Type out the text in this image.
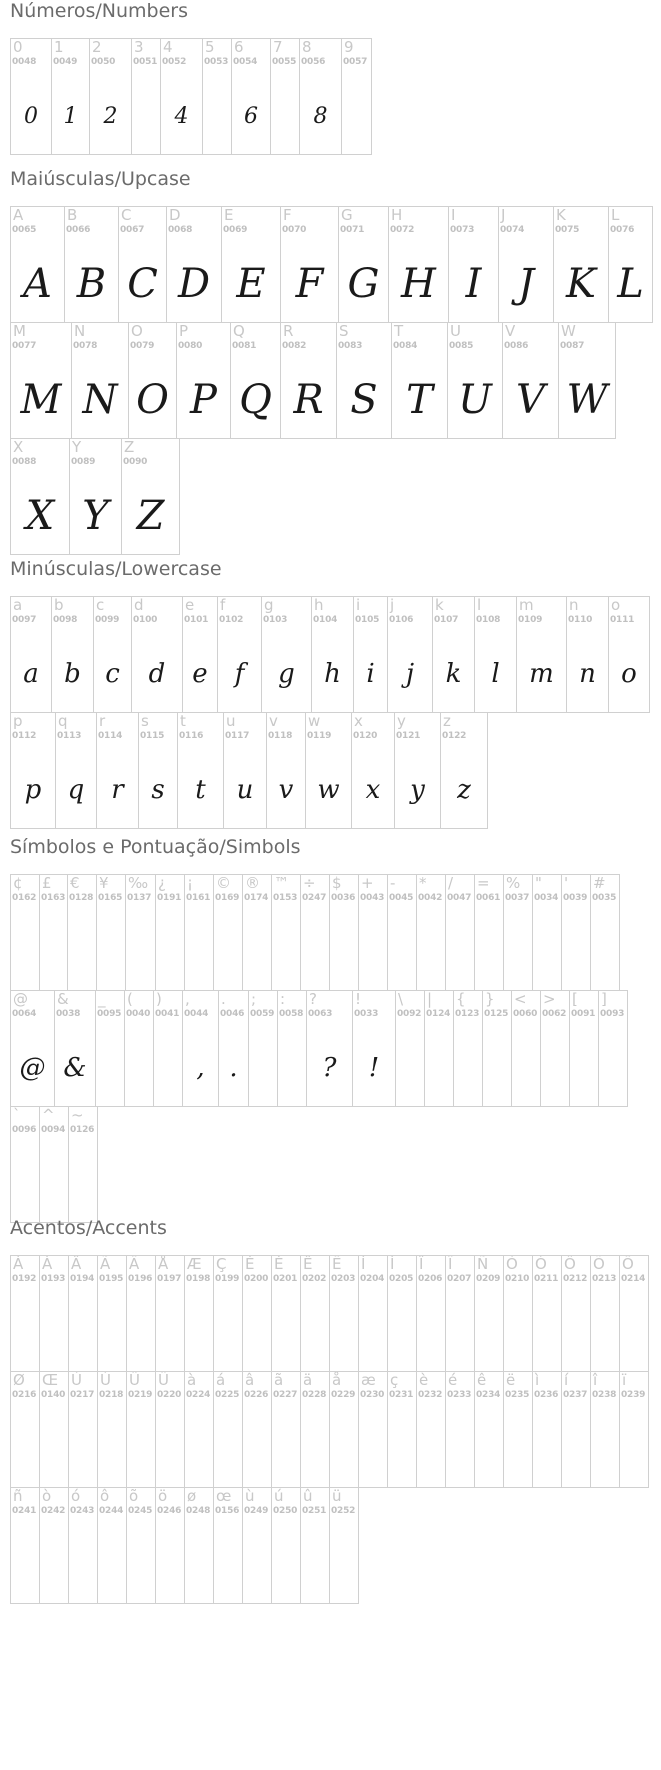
Números/Numbers
0
0048
0
1
0049
1
2
0050
2
3
0051
4
0052
4
5
0053
6
0054
6
7
0055
8
0056
8
9
0057
Maiúsculas/Upcase
A
0065
A
B
0066
B
C
0067
C
D
0068
D
E
0069
E
F
0070
F
G
0071
G
H
0072
H
I
0073
I
J
0074
J
K
0075
K
L
0076
L
M
0077
M
N
0078
N
O
0079
O
P
0080
P
Q
0081
Q
R
0082
R
S
0083
S
T
0084
T
U
0085
U
V
0086
V
W
0087
W
X
0088
X
Y
0089
Y
Z
0090
Z
Minúsculas/Lowercase
a
0097
a
b
0098
b
c
0099
c
d
0100
d
e
0101
e
f
0102
f
g
0103
g
h
0104
h
i
0105
i
j
0106
j
k
0107
k
l
0108
l
m
0109
m
n
0110
n
o
0111
o
p
0112
p
q
0113
q
r
0114
r
s
0115
s
t
0116
t
u
0117
u
v
0118
v
w
0119
w
x
0120
x
y
0121
y
z
0122
z
Símbolos e Pontuação/Simbols
¢
0162
£
0163
€
0128
¥
0165
‰
0137
¿
0191
¡
0161
©
0169
®
0174
™
0153
÷
0247
$
0036
+
0043
-
0045
*
0042
/
0047
=
0061
%
0037
"
0034
'
0039
#
0035
@
0064
@
&
0038
&
_
0095
(
0040
)
0041
,
0044
,
.
0046
.
;
0059
:
0058
?
0063
?
!
0033
!
\
0092
|
0124
{
0123
}
0125
<
0060
>
0062
[
0091
]
0093
`
0096
^
0094
~
0126
Acentos/Accents
À
0192
Á
0193
Â
0194
Ã
0195
Ä
0196
Å
0197
Æ
0198
Ç
0199
È
0200
É
0201
Ê
0202
Ë
0203
Ì
0204
Í
0205
Î
0206
Ï
0207
Ñ
0209
Ò
0210
Ó
0211
Ô
0212
Õ
0213
Ö
0214
Ø
0216
Œ
0140
Ù
0217
Ú
0218
Û
0219
Ü
0220
à
0224
á
0225
â
0226
ã
0227
ä
0228
å
0229
æ
0230
ç
0231
è
0232
é
0233
ê
0234
ë
0235
ì
0236
í
0237
î
0238
ï
0239
ñ
0241
ò
0242
ó
0243
ô
0244
õ
0245
ö
0246
ø
0248
œ
0156
ù
0249
ú
0250
û
0251
ü
0252
